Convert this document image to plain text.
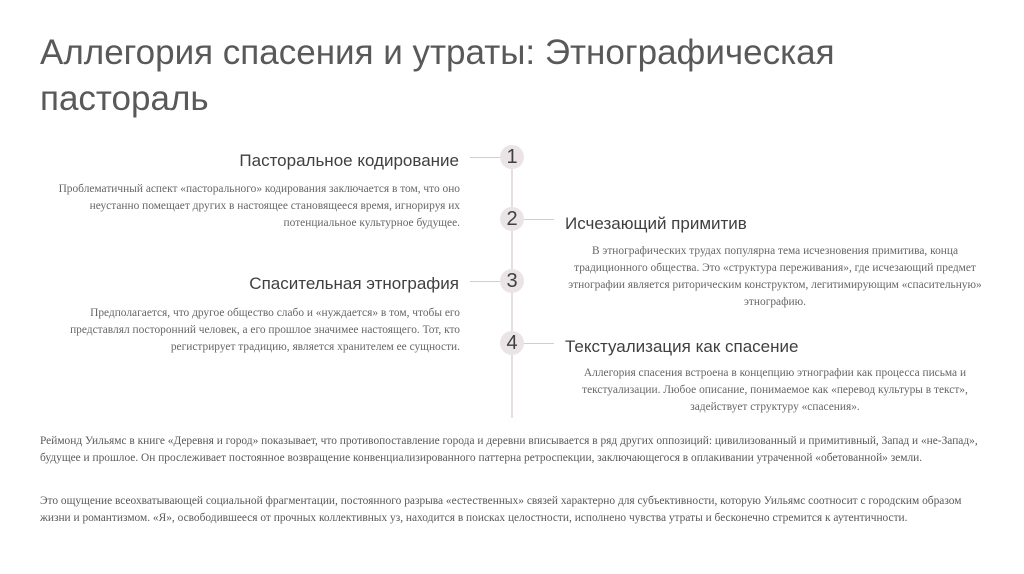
Аллегория спасения и утраты: Этнографическая пастораль
1
2
3
4
Пасторальное кодирование
Проблематичный аспект «пасторального» кодирования заключается в том, что оно неустанно помещает других в настоящее становящееся время, игнорируя их потенциальное культурное будущее.	Исчезающий примитив
В этнографических трудах популярна тема исчезновения примитива, конца традиционного общества. Это «структура переживания», где исчезающий предмет этнографии является риторическим конструктом, легитимирующим «спасительную» этнографию.
Спасительная этнография
Предполагается, что другое общество слабо и «нуждается» в том, чтобы его представлял посторонний человек, а его прошлое значимее настоящего. Тот, кто регистрирует традицию, является хранителем ее сущности.	Текстуализация как спасение
Аллегория спасения встроена в концепцию этнографии как процесса письма и текстуализации. Любое описание, понимаемое как «перевод культуры в текст», задействует структуру «спасения».
Реймонд Уильямс в книге «Деревня и город» показывает, что противопоставление города и деревни вписывается в ряд других оппозиций: цивилизованный и примитивный, Запад и «не-Запад», будущее и прошлое. Он прослеживает постоянное возвращение конвенциализированного паттерна ретроспекции, заключающегося в оплакивании утраченной «обетованной» земли.
Это ощущение всеохватывающей социальной фрагментации, постоянного разрыва «естественных» связей характерно для субъективности, которую Уильямс соотносит с городским образом жизни и романтизмом. «Я», освободившееся от прочных коллективных уз, находится в поисках целостности, исполнено чувства утраты и бесконечно стремится к аутентичности.
